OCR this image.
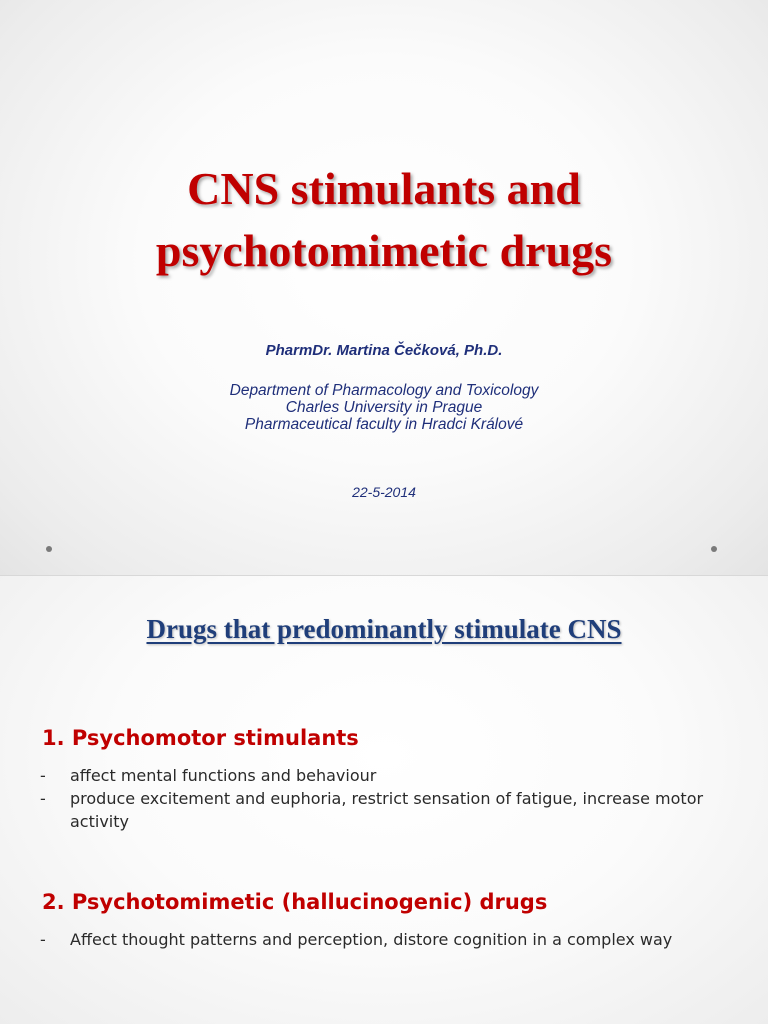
CNS stimulants and
psychotomimetic drugs
PharmDr. Martina Čečková, Ph.D.
Department of Pharmacology and Toxicology
Charles University in Prague
Pharmaceutical faculty in Hradci Králové
22-5-2014
Drugs that predominantly stimulate CNS
1. Psychomotor stimulants
- affect mental functions and behaviour
- produce excitement and euphoria, restrict sensation of fatigue, increase motor activity
2. Psychotomimetic (hallucinogenic) drugs
- Affect thought patterns and perception, distore cognition in a complex way
